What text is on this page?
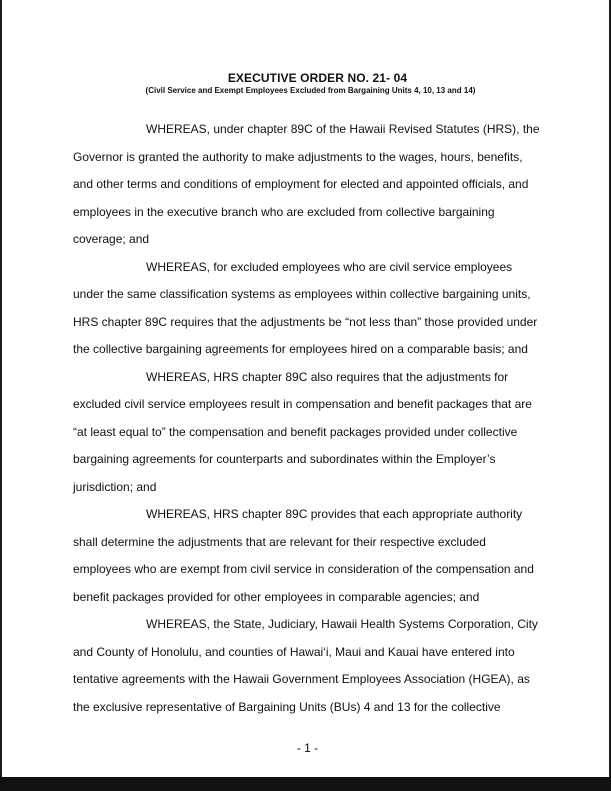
EXECUTIVE ORDER NO. 21- 04
(Civil Service and Exempt Employees Excluded from Bargaining Units 4, 10, 13 and 14)
WHEREAS, under chapter 89C of the Hawaii Revised Statutes (HRS), the
Governor is granted the authority to make adjustments to the wages, hours, benefits,
and other terms and conditions of employment for elected and appointed officials, and
employees in the executive branch who are excluded from collective bargaining
coverage; and
WHEREAS, for excluded employees who are civil service employees
under the same classification systems as employees within collective bargaining units,
HRS chapter 89C requires that the adjustments be “not less than” those provided under
the collective bargaining agreements for employees hired on a comparable basis; and
WHEREAS, HRS chapter 89C also requires that the adjustments for
excluded civil service employees result in compensation and benefit packages that are
“at least equal to” the compensation and benefit packages provided under collective
bargaining agreements for counterparts and subordinates within the Employer’s
jurisdiction; and
WHEREAS, HRS chapter 89C provides that each appropriate authority
shall determine the adjustments that are relevant for their respective excluded
employees who are exempt from civil service in consideration of the compensation and
benefit packages provided for other employees in comparable agencies; and
WHEREAS, the State, Judiciary, Hawaii Health Systems Corporation, City
and County of Honolulu, and counties of Hawai‘i, Maui and Kauai have entered into
tentative agreements with the Hawaii Government Employees Association (HGEA), as
the exclusive representative of Bargaining Units (BUs) 4 and 13 for the collective
- 1 -
